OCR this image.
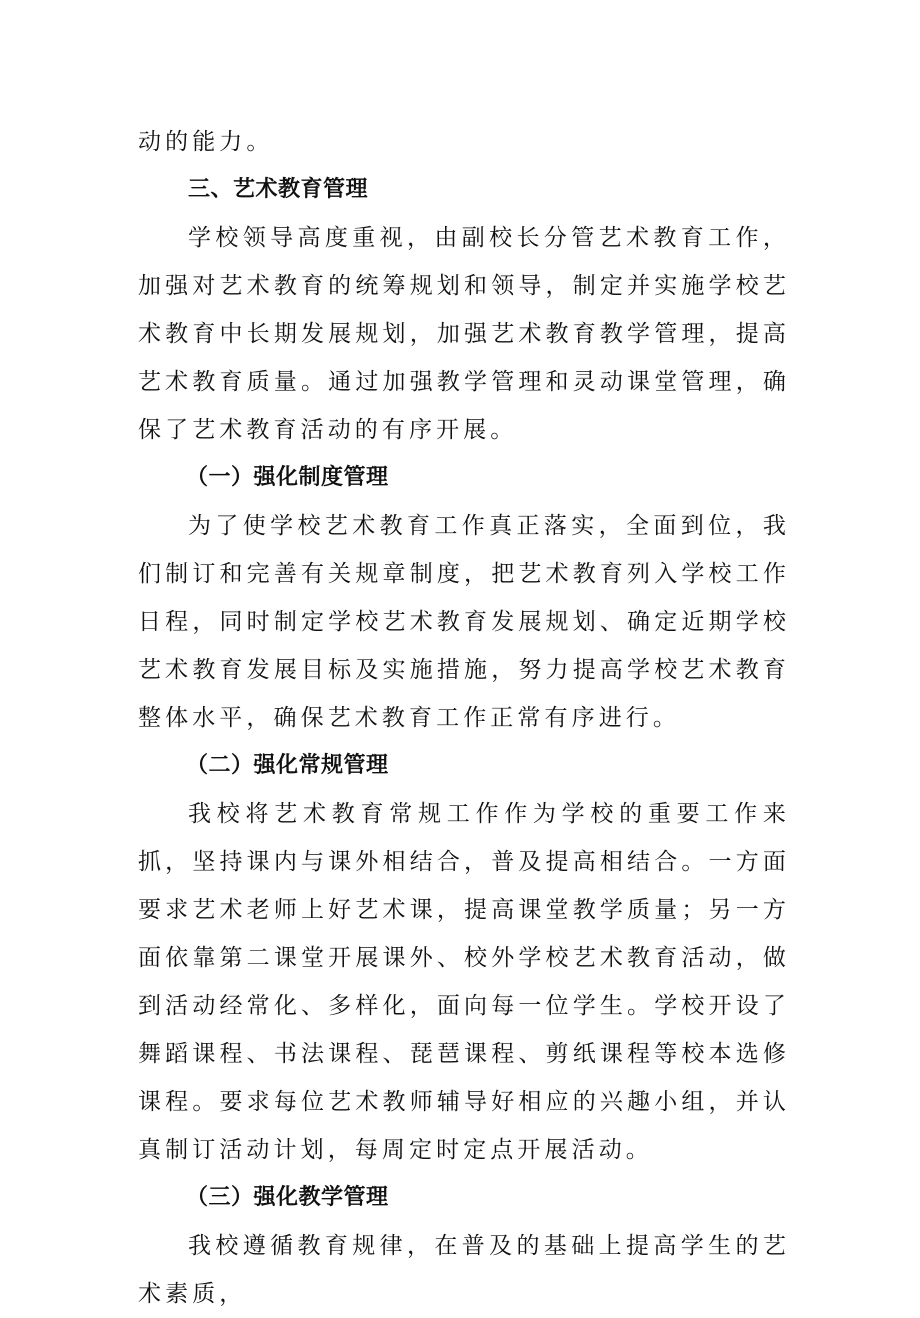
动的能力。

三、艺术教育管理

学校领导高度重视，由副校长分管艺术教育工作，加强对艺术教育的统筹规划和领导，制定并实施学校艺术教育中长期发展规划，加强艺术教育教学管理，提高艺术教育质量。通过加强教学管理和灵动课堂管理，确保了艺术教育活动的有序开展。

（一）强化制度管理

为了使学校艺术教育工作真正落实，全面到位，我们制订和完善有关规章制度，把艺术教育列入学校工作日程，同时制定学校艺术教育发展规划、确定近期学校艺术教育发展目标及实施措施，努力提高学校艺术教育整体水平，确保艺术教育工作正常有序进行。

（二）强化常规管理

我校将艺术教育常规工作作为学校的重要工作来抓，坚持课内与课外相结合，普及提高相结合。一方面要求艺术老师上好艺术课，提高课堂教学质量；另一方面依靠第二课堂开展课外、校外学校艺术教育活动，做到活动经常化、多样化，面向每一位学生。学校开设了舞蹈课程、书法课程、琵琶课程、剪纸课程等校本选修课程。要求每位艺术教师辅导好相应的兴趣小组，并认真制订活动计划，每周定时定点开展活动。

（三）强化教学管理

我校遵循教育规律，在普及的基础上提高学生的艺术素质，
